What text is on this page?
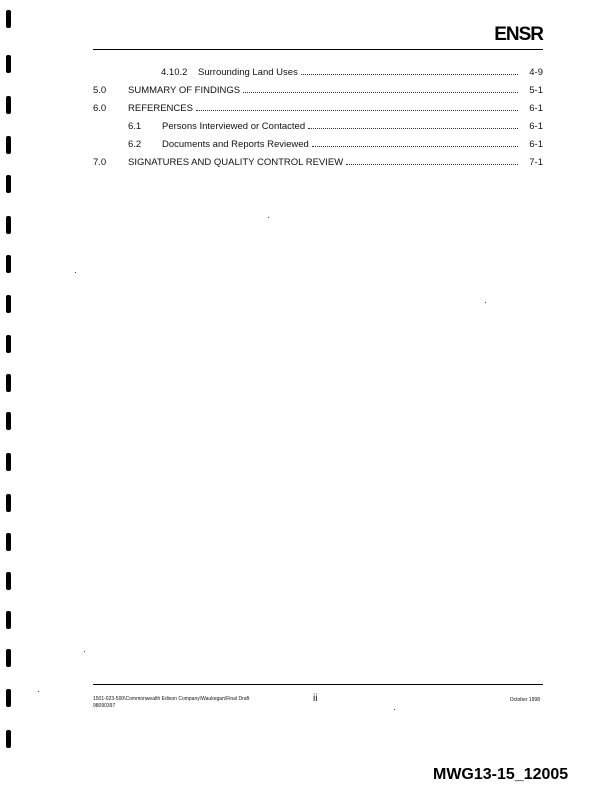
ENSR
4.10.2 Surrounding Land Uses	4-9
5.0 SUMMARY OF FINDINGS	5-1
6.0 REFERENCES	6-1
6.1 Persons Interviewed or Contacted	6-1
6.2 Documents and Reports Reviewed	6-1
7.0 SIGNATURES AND QUALITY CONTROL REVIEW	7-1
1501-023-500\Commonwealth Edison Company\Waukegan\Final Draft
98090397
ii	October 1998
MWG13-15_12005
